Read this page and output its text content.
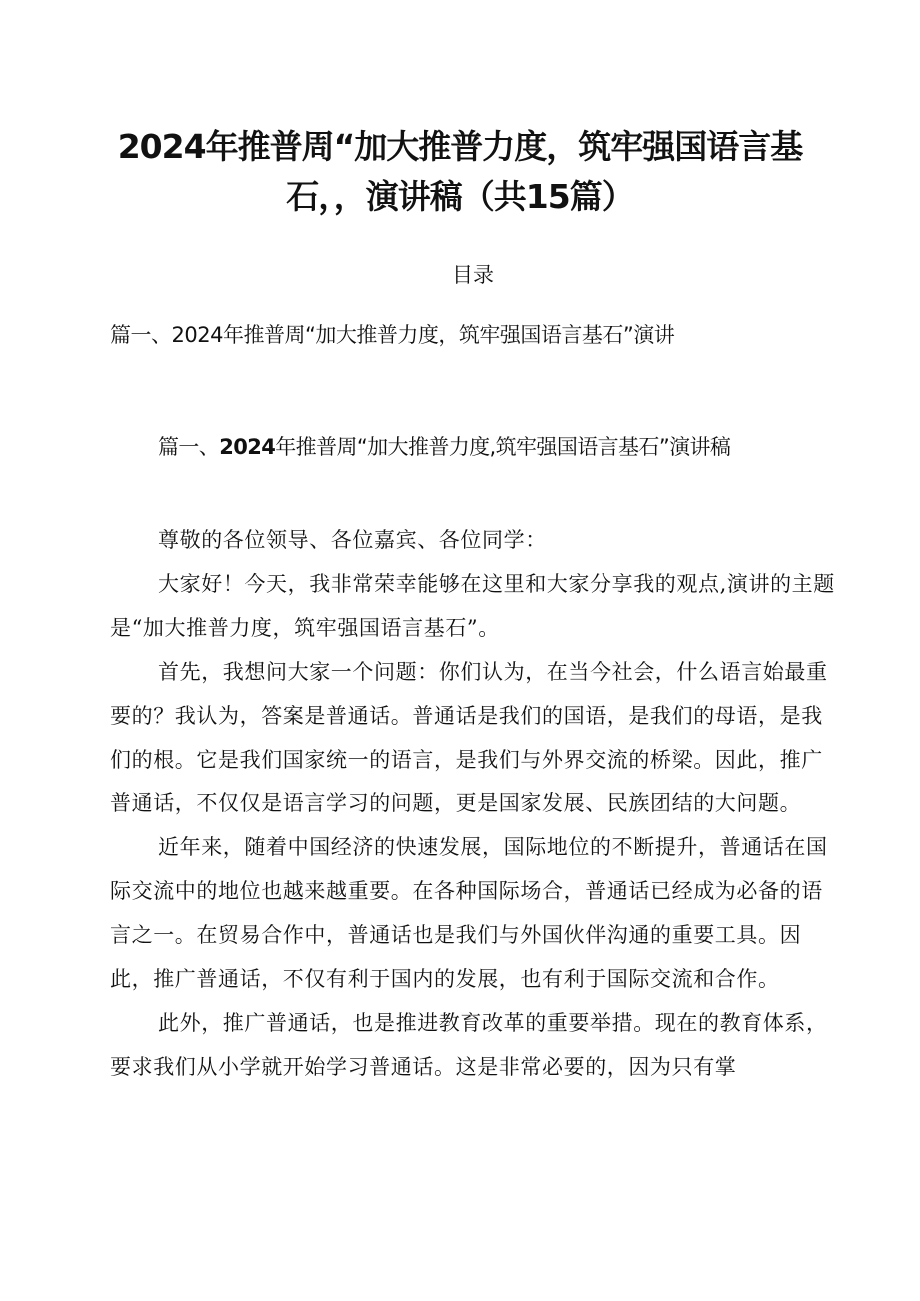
2024年推普周“加大推普力度，筑牢强国语言基
石，，演讲稿（共15篇）
目录
篇一、2024年推普周“加大推普力度，筑牢强国语言基石”演讲
篇一、2024年推普周“加大推普力度,筑牢强国语言基石”演讲稿

尊敬的各位领导、各位嘉宾、各位同学：

大家好！今天，我非常荣幸能够在这里和大家分享我的观点,演讲的主题是“加大推普力度，筑牢强国语言基石”。

首先，我想问大家一个问题：你们认为，在当今社会，什么语言始最重要的？我认为，答案是普通话。普通话是我们的国语，是我们的母语，是我们的根。它是我们国家统一的语言，是我们与外界交流的桥梁。因此，推广普通话，不仅仅是语言学习的问题，更是国家发展、民族团结的大问题。

近年来，随着中国经济的快速发展，国际地位的不断提升，普通话在国际交流中的地位也越来越重要。在各种国际场合，普通话已经成为必备的语言之一。在贸易合作中，普通话也是我们与外国伙伴沟通的重要工具。因此，推广普通话，不仅有利于国内的发展，也有利于国际交流和合作。

此外，推广普通话，也是推进教育改革的重要举措。现在的教育体系，要求我们从小学就开始学习普通话。这是非常必要的，因为只有掌
